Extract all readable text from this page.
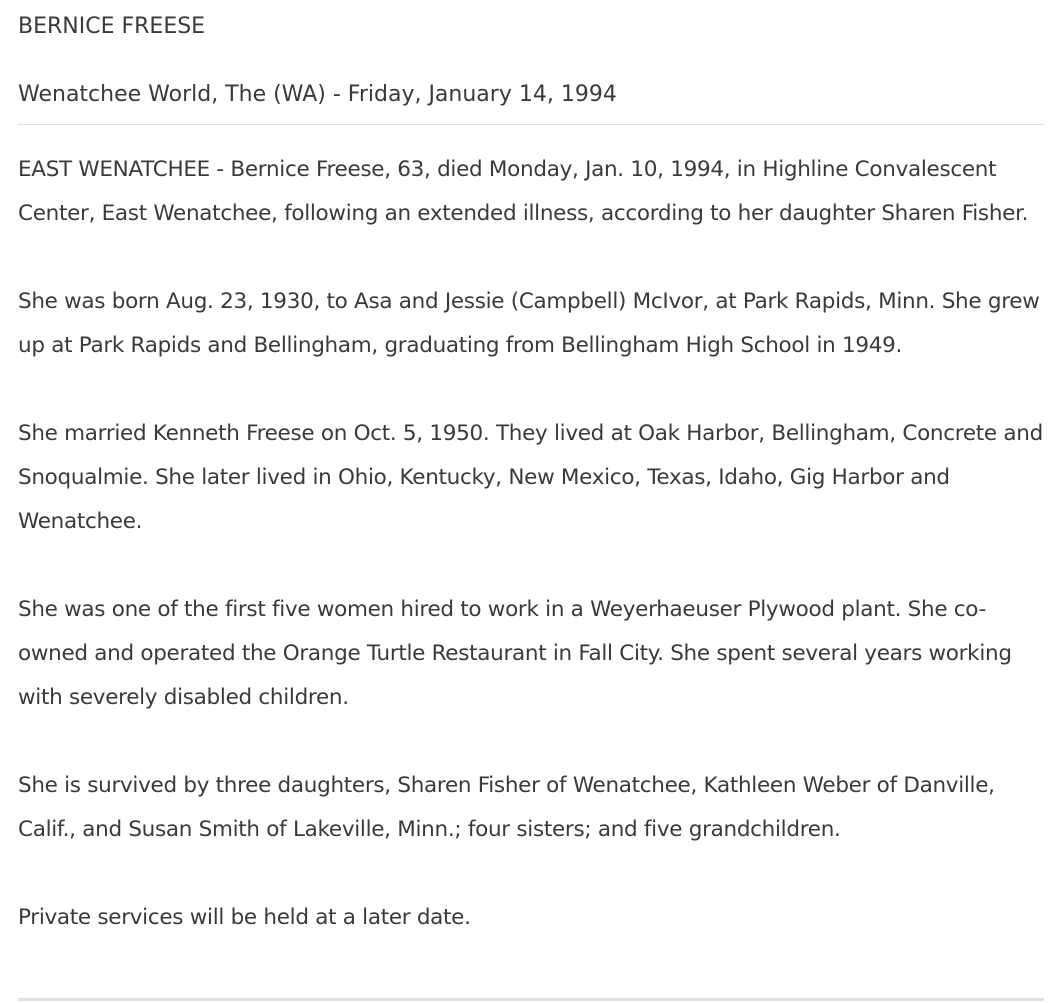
BERNICE FREESE
Wenatchee World, The (WA) - Friday, January 14, 1994

EAST WENATCHEE - Bernice Freese, 63, died Monday, Jan. 10, 1994, in Highline Convalescent Center, East Wenatchee, following an extended illness, according to her daughter Sharen Fisher.

She was born Aug. 23, 1930, to Asa and Jessie (Campbell) McIvor, at Park Rapids, Minn. She grew up at Park Rapids and Bellingham, graduating from Bellingham High School in 1949.

She married Kenneth Freese on Oct. 5, 1950. They lived at Oak Harbor, Bellingham, Concrete and Snoqualmie. She later lived in Ohio, Kentucky, New Mexico, Texas, Idaho, Gig Harbor and Wenatchee.

She was one of the first five women hired to work in a Weyerhaeuser Plywood plant. She co-owned and operated the Orange Turtle Restaurant in Fall City. She spent several years working with severely disabled children.

She is survived by three daughters, Sharen Fisher of Wenatchee, Kathleen Weber of Danville, Calif., and Susan Smith of Lakeville, Minn.; four sisters; and five grandchildren.

Private services will be held at a later date.
